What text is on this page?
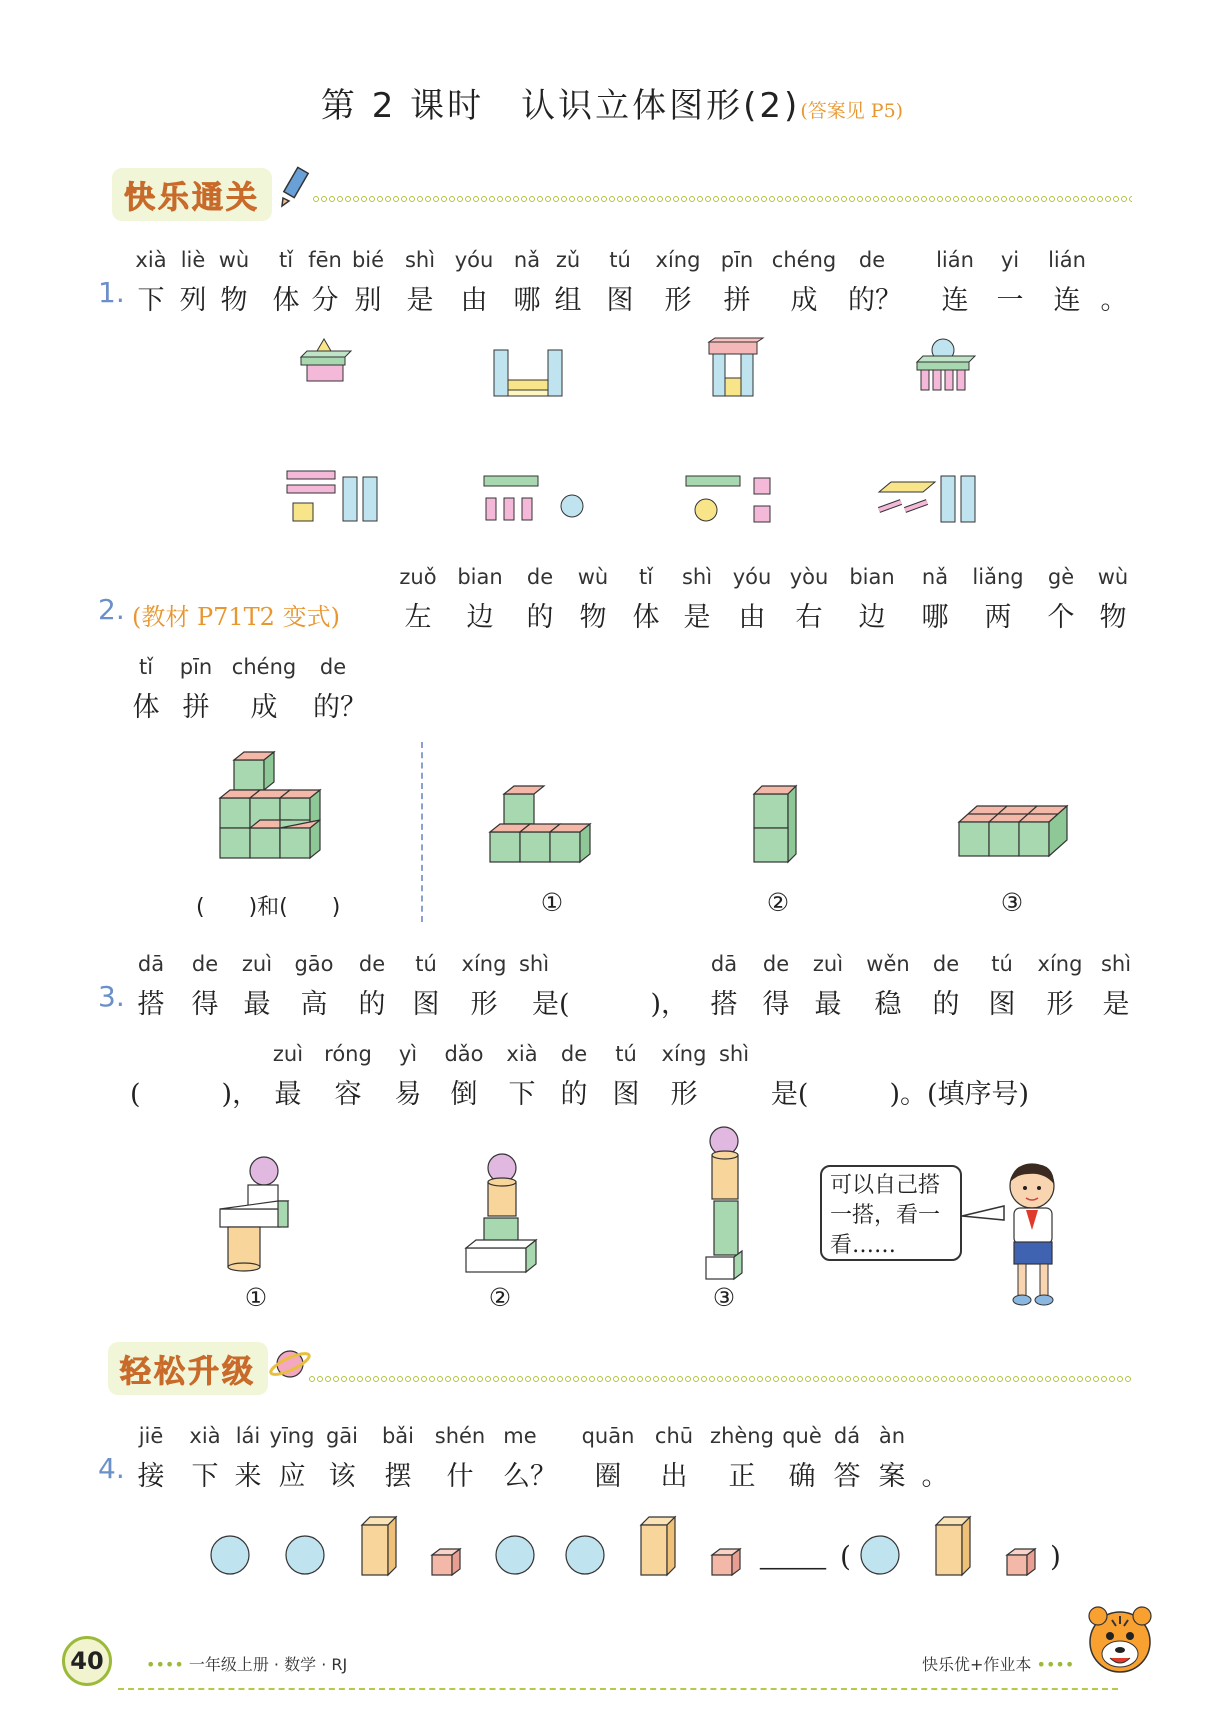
第 2 课时　认识立体图形(2)(答案见 P5)
快乐通关
xià liè wù tǐ fēn bié shì yóu nǎ zǔ tú xíng pīn chéng de lián yi lián
下 列 物 体 分 别 是 由 哪 组 图 形 拼 成 的？ 连 一 连 。
1.
zuǒ bian de wù tǐ shì yóu yòu bian nǎ liǎng gè wù
左 边 的 物 体 是 由 右 边 哪 两 个 物
2. (教材 P71T2 变式)
tǐ pīn chéng de
体 拼 成 的？
(　　)和(　　)	①	②	③
dā de zuì gāo de tú xíng shì	dā de zuì wěn de tú xíng shì
搭 得 最 高 的 图 形 是(　　　)， 搭 得 最 稳 的 图 形 是
3.
zuì róng yì dǎo xià de tú xíng shì
最 容 易 倒 下 的 图 形	是(　　　)。(填序号)
(　　　)，
①	②	③
可以自己搭
一搭，看一
看……
轻松升级
jiē xià lái yīng gāi bǎi shén me quān chū zhèng què dá àn
接 下 来 应 该 摆 什 么？ 圈 出 正 确 答 案 。
4.
______ (	)
40	•••• 一年级上册 · 数学 · RJ	快乐优+作业本 ••••
